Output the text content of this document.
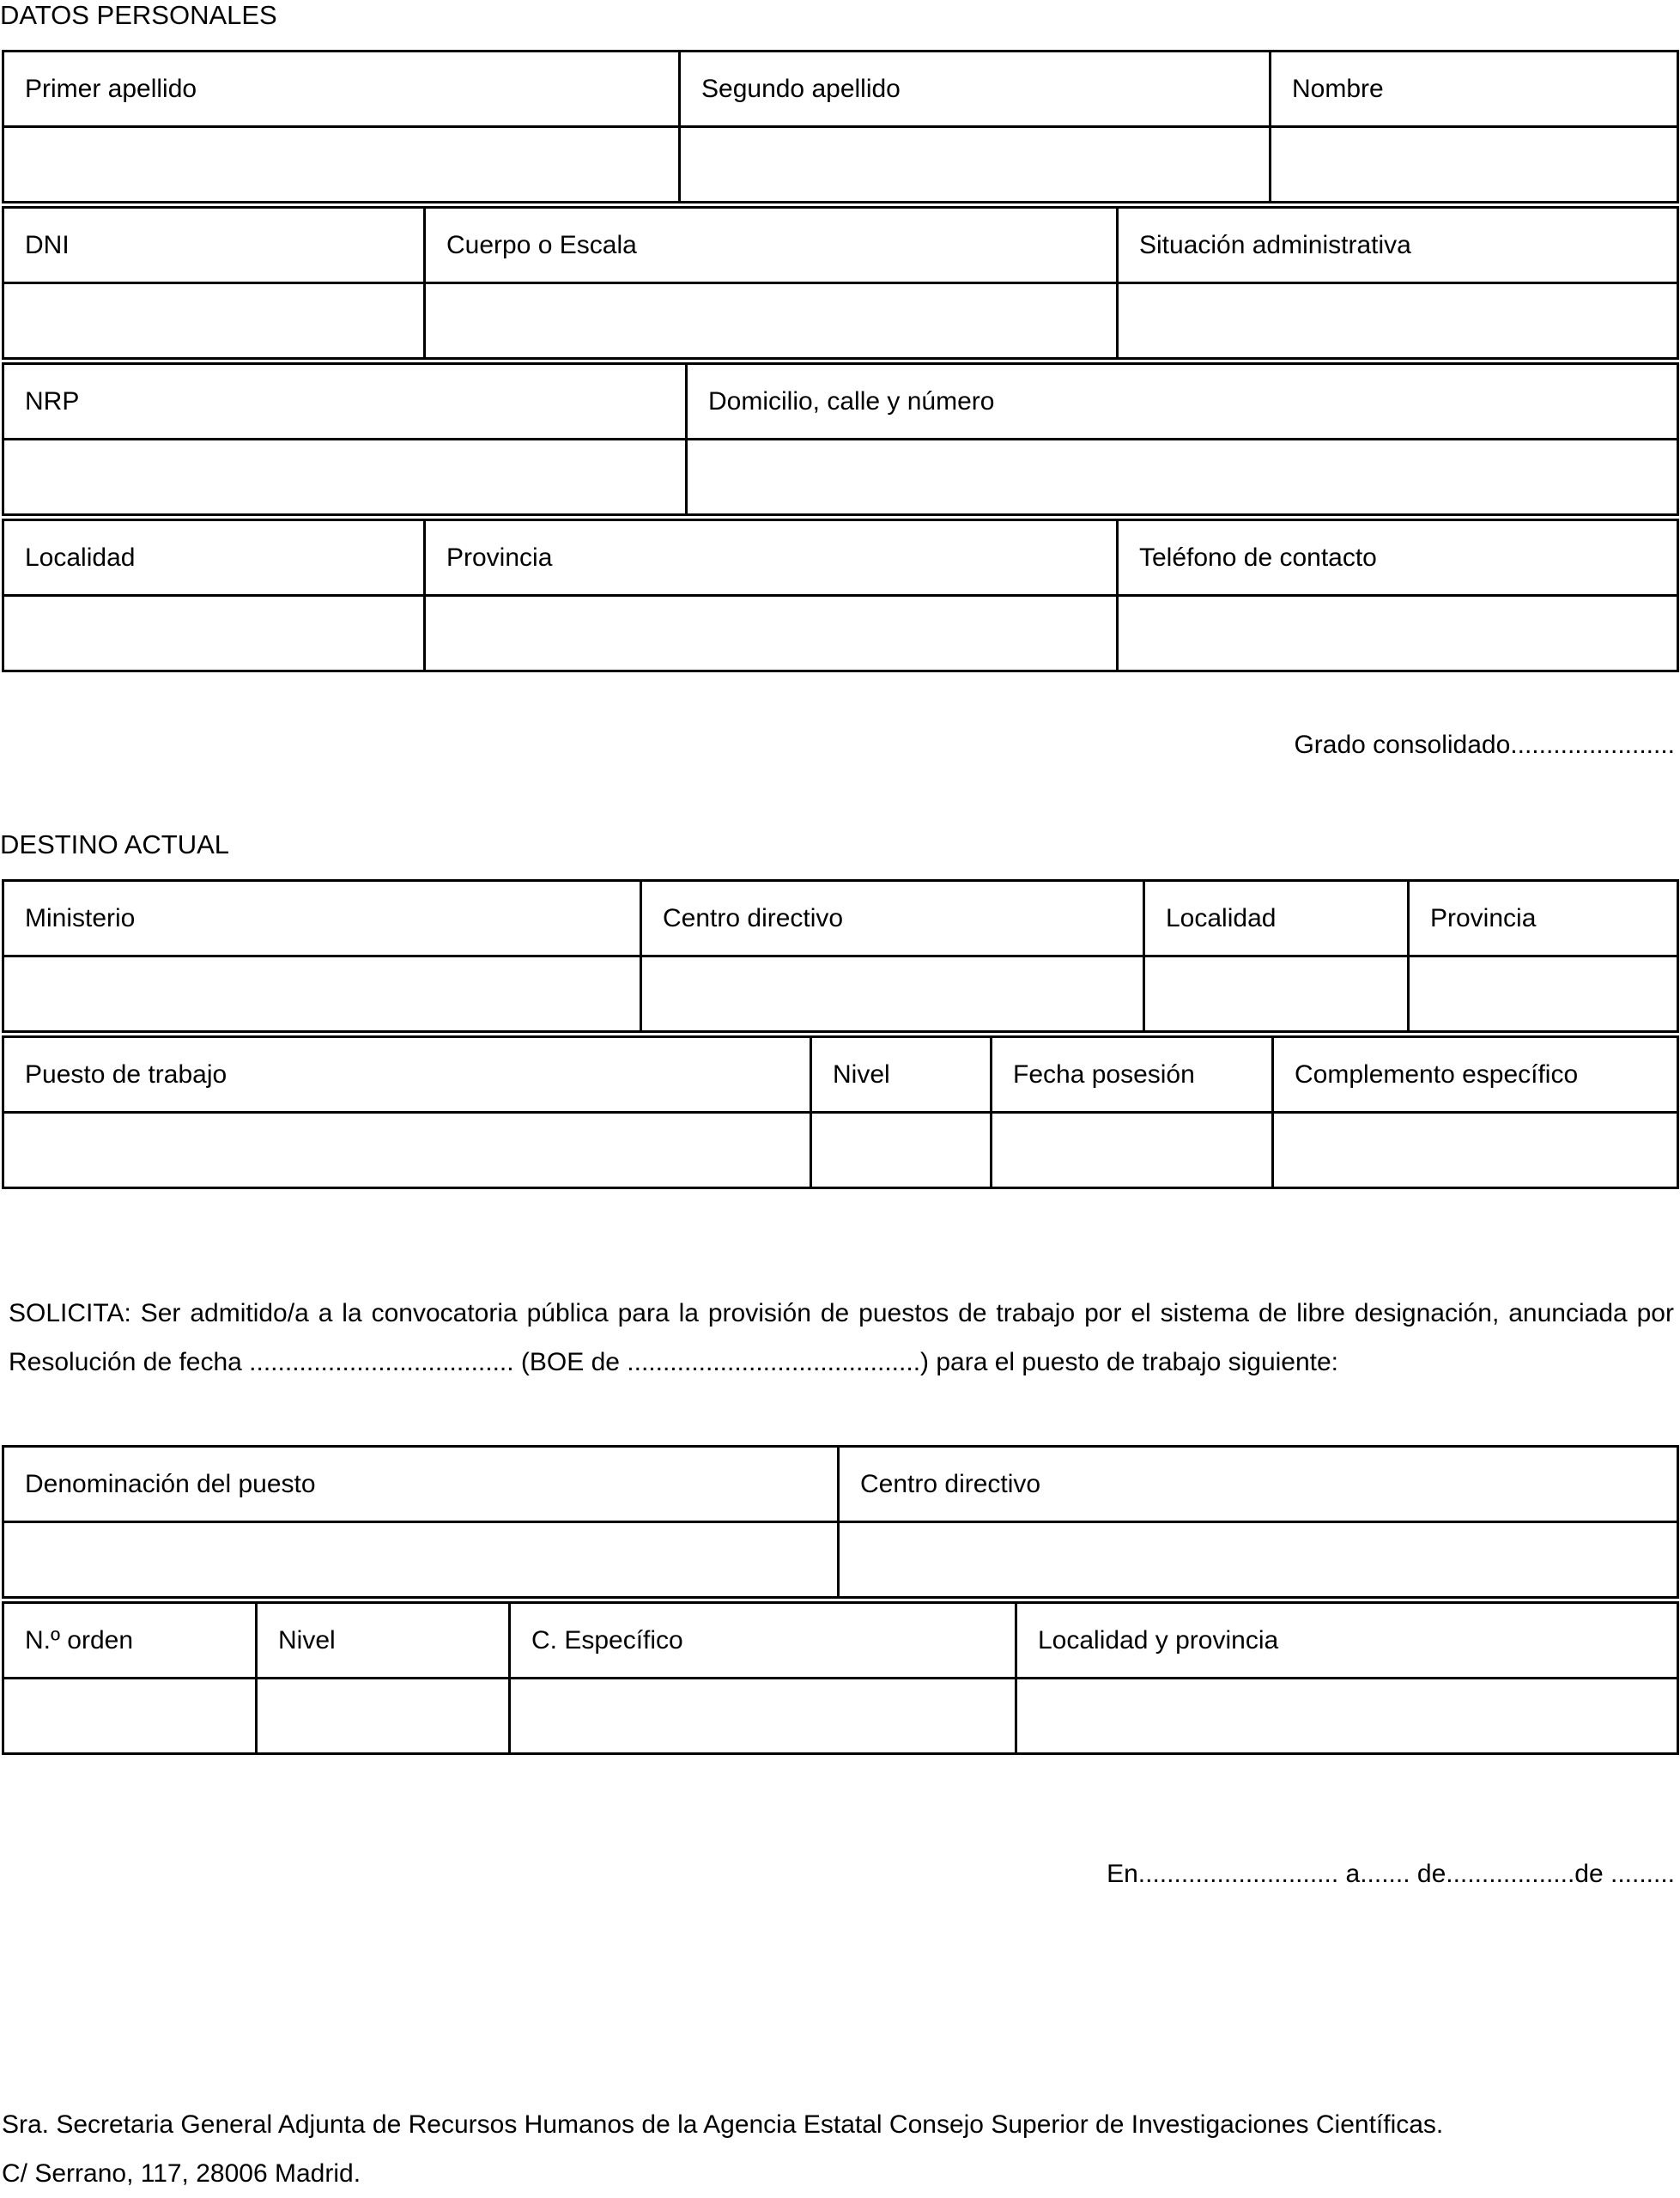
DATOS PERSONALES
Primer apellido	Segundo apellido	Nombre

DNI	Cuerpo o Escala	Situación administrativa

NRP	Domicilio, calle y número

Localidad	Provincia	Teléfono de contacto

Grado consolidado.......................
DESTINO ACTUAL
Ministerio	Centro directivo	Localidad	Provincia

Puesto de trabajo	Nivel	Fecha posesión	Complemento específico

SOLICITA: Ser admitido/a a la convocatoria pública para la provisión de puestos de trabajo por el sistema de libre designación, anunciada por Resolución de fecha ..................................... (BOE de .........................................) para el puesto de trabajo siguiente:
Denominación del puesto	Centro directivo

N.º orden	Nivel	C. Específico	Localidad y provincia

En............................ a....... de..................de .........
Sra. Secretaria General Adjunta de Recursos Humanos de la Agencia Estatal Consejo Superior de Investigaciones Científicas.
C/ Serrano, 117, 28006 Madrid.
